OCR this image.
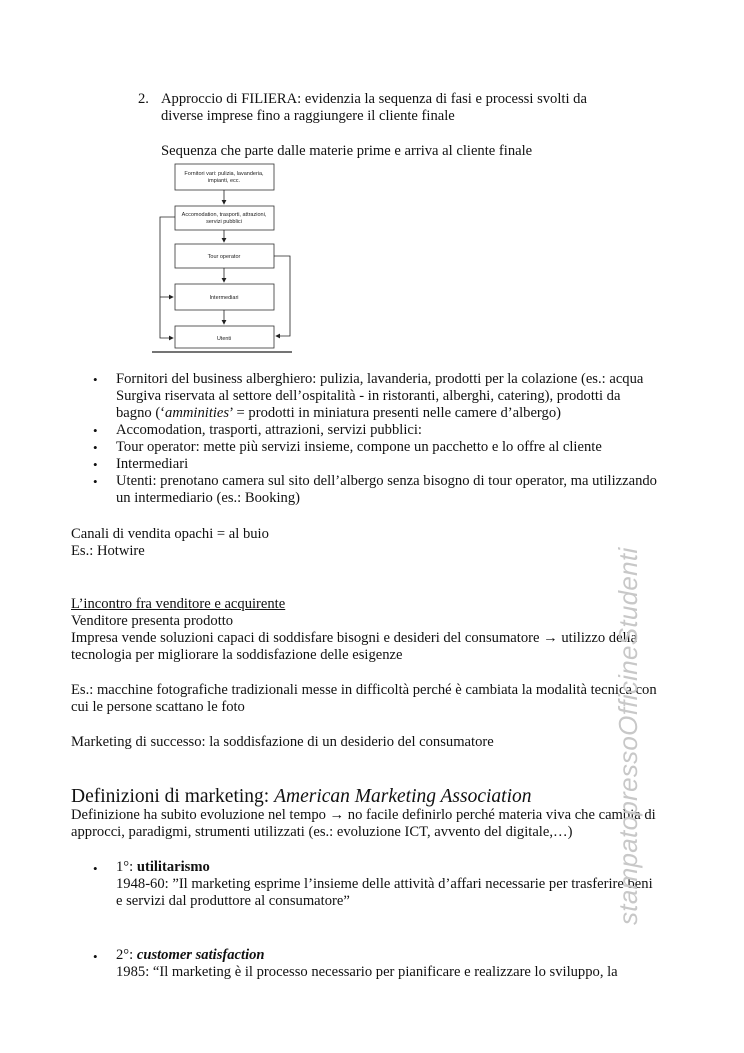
2. Approccio di FILIERA: evidenzia la sequenza di fasi e processi svolti da
diverse imprese fino a raggiungere il cliente finale
Sequenza che parte dalle materie prime e arriva al cliente finale
Fornitori vari: pulizia, lavanderia,
impianti, ecc.
Accomodation, trasporti, attrazioni,
servizi pubblici
Tour operator
Intermediari
Utenti
• Fornitori del business alberghiero: pulizia, lavanderia, prodotti per la colazione (es.: acqua
Surgiva riservata al settore dell’ospitalità - in ristoranti, alberghi, catering), prodotti da
bagno (‘amminities’ = prodotti in miniatura presenti nelle camere d’albergo)
• Accomodation, trasporti, attrazioni, servizi pubblici:
• Tour operator: mette più servizi insieme, compone un pacchetto e lo offre al cliente
• Intermediari
• Utenti: prenotano camera sul sito dell’albergo senza bisogno di tour operator, ma utilizzando
un intermediario (es.: Booking)
Canali di vendita opachi = al buio
Es.: Hotwire
L’incontro fra venditore e acquirente
Venditore presenta prodotto
Impresa vende soluzioni capaci di soddisfare bisogni e desideri del consumatore → utilizzo della
tecnologia per migliorare la soddisfazione delle esigenze
Es.: macchine fotografiche tradizionali messe in difficoltà perché è cambiata la modalità tecnica con
cui le persone scattano le foto
Marketing di successo: la soddisfazione di un desiderio del consumatore
Definizioni di marketing: American Marketing Association
Definizione ha subito evoluzione nel tempo → no facile definirlo perché materia viva che cambia di
approcci, paradigmi, strumenti utilizzati (es.: evoluzione ICT, avvento del digitale,…)
• 1°: utilitarismo
1948-60: ”Il marketing esprime l’insieme delle attività d’affari necessarie per trasferire beni
e servizi dal produttore al consumatore”
• 2°: customer satisfaction
1985: “Il marketing è il processo necessario per pianificare e realizzare lo sviluppo, la
stampatopressoOfficineStudenti
